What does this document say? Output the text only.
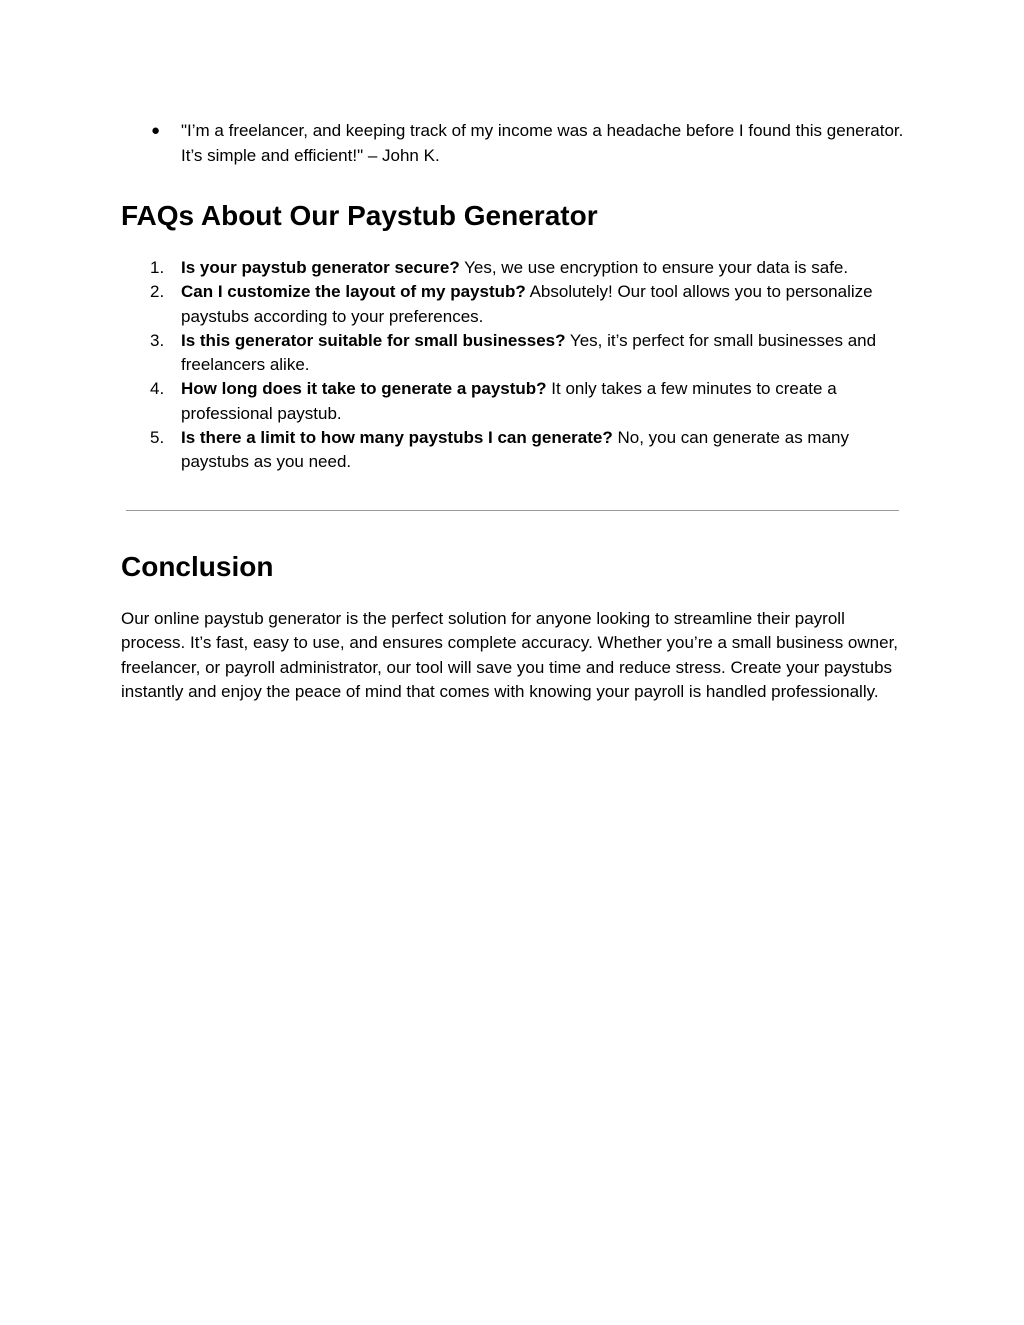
● "I’m a freelancer, and keeping track of my income was a headache before I found this generator. It’s simple and efficient!" – John K.
FAQs About Our Paystub Generator
1. Is your paystub generator secure? Yes, we use encryption to ensure your data is safe.
2. Can I customize the layout of my paystub? Absolutely! Our tool allows you to personalize paystubs according to your preferences.
3. Is this generator suitable for small businesses? Yes, it’s perfect for small businesses and freelancers alike.
4. How long does it take to generate a paystub? It only takes a few minutes to create a professional paystub.
5. Is there a limit to how many paystubs I can generate? No, you can generate as many paystubs as you need.
Conclusion

Our online paystub generator is the perfect solution for anyone looking to streamline their payroll process. It’s fast, easy to use, and ensures complete accuracy. Whether you’re a small business owner, freelancer, or payroll administrator, our tool will save you time and reduce stress. Create your paystubs instantly and enjoy the peace of mind that comes with knowing your payroll is handled professionally.
